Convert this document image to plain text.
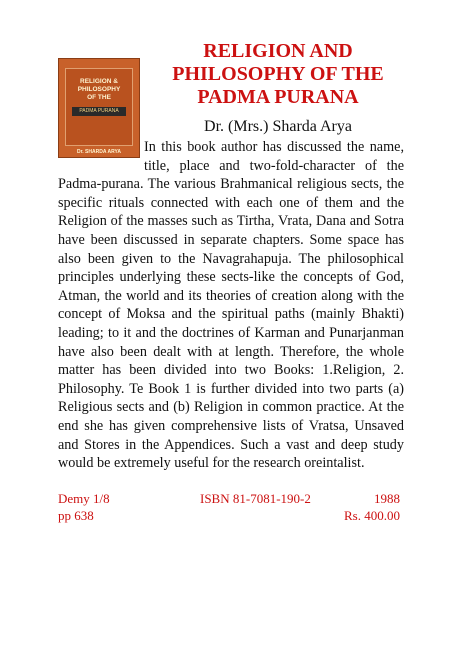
RELIGION &
PHILOSOPHY
OF THE
PADMA PURANA
Dr. SHARDA ARYA
RELIGION AND
PHILOSOPHY OF THE
PADMA PURANA
Dr. (Mrs.) Sharda Arya

In this book author has discussed the name, title, place and two-fold-character of the Padma-purana. The various Brahmanical religious sects, the specific rituals connected with each one of them and the Religion of the masses such as Tirtha, Vrata, Dana and Sotra have been discussed in separate chapters. Some space has also been given to the Navagrahapuja. The philosophical principles underlying these sects-like the concepts of God, Atman, the world and its theories of creation along with the concept of Moksa and the spiritual paths (mainly Bhakti) leading; to it and the doctrines of Karman and Punarjanman have also been dealt with at length. Therefore, the whole matter has been divided into two Books: 1.Religion, 2. Philosophy. Te Book 1 is further divided into two parts (a) Religious sects and (b) Religion in common practice. At the end she has given comprehensive lists of Vratsa, Unsaved and Stores in the Appendices. Such a vast and deep study would be extremely useful for the research oreintalist.

Demy 1/8	ISBN 81-7081-190-2	1988
pp 638	Rs. 400.00
